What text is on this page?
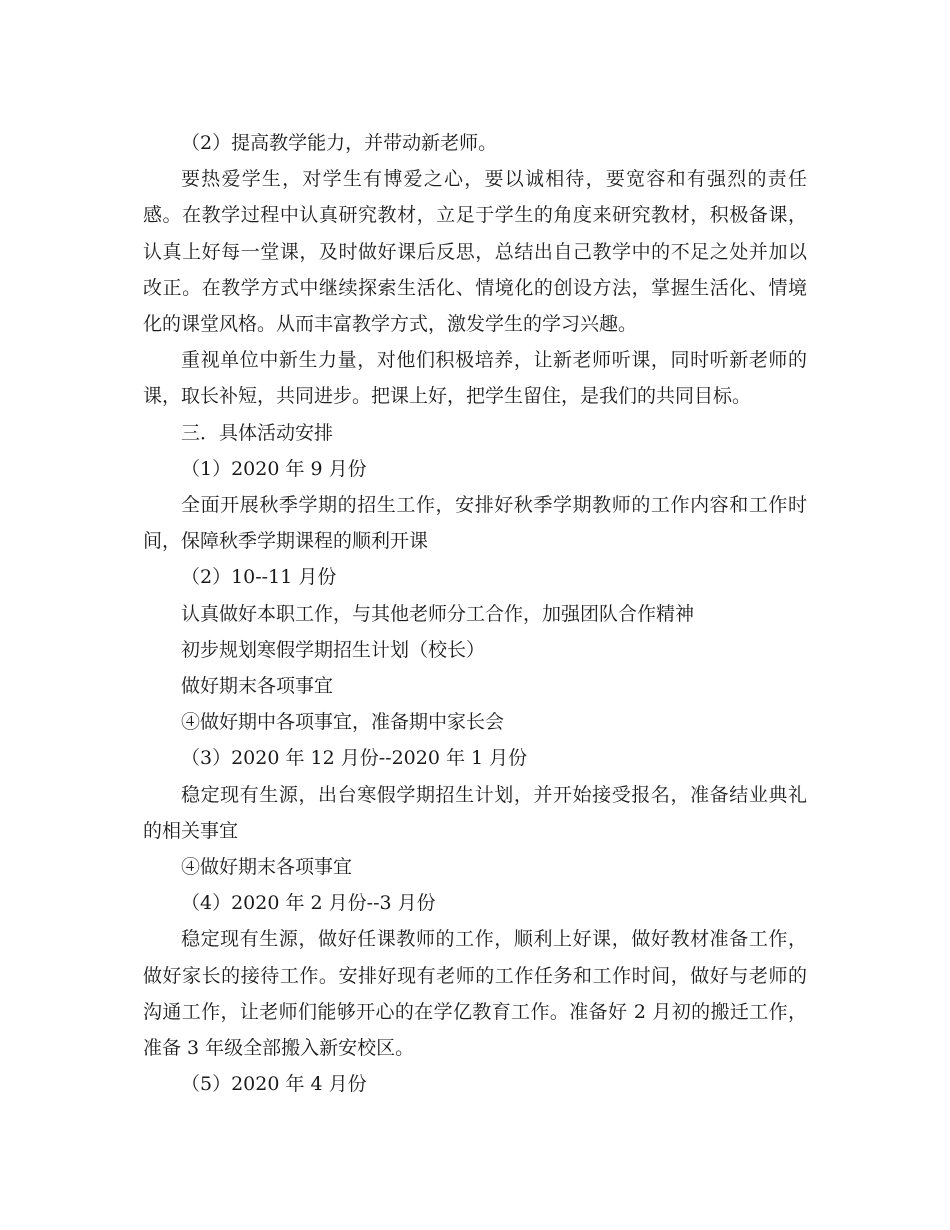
（2）提高教学能力，并带动新老师。

要热爱学生，对学生有博爱之心，要以诚相待，要宽容和有强烈的责任感。在教学过程中认真研究教材，立足于学生的角度来研究教材，积极备课，认真上好每一堂课，及时做好课后反思，总结出自己教学中的不足之处并加以改正。在教学方式中继续探索生活化、情境化的创设方法，掌握生活化、情境化的课堂风格。从而丰富教学方式，激发学生的学习兴趣。

重视单位中新生力量，对他们积极培养，让新老师听课，同时听新老师的课，取长补短，共同进步。把课上好，把学生留住，是我们的共同目标。

三．具体活动安排

（1）2020 年 9 月份

全面开展秋季学期的招生工作，安排好秋季学期教师的工作内容和工作时间，保障秋季学期课程的顺利开课

（2）10--11 月份

认真做好本职工作，与其他老师分工合作，加强团队合作精神

初步规划寒假学期招生计划（校长）

做好期末各项事宜

④做好期中各项事宜，准备期中家长会

（3）2020 年 12 月份--2020 年 1 月份

稳定现有生源，出台寒假学期招生计划，并开始接受报名，准备结业典礼的相关事宜

④做好期末各项事宜

（4）2020 年 2 月份--3 月份

稳定现有生源，做好任课教师的工作，顺利上好课，做好教材准备工作，做好家长的接待工作。安排好现有老师的工作任务和工作时间，做好与老师的沟通工作，让老师们能够开心的在学亿教育工作。准备好 2 月初的搬迁工作，准备 3 年级全部搬入新安校区。

（5）2020 年 4 月份
